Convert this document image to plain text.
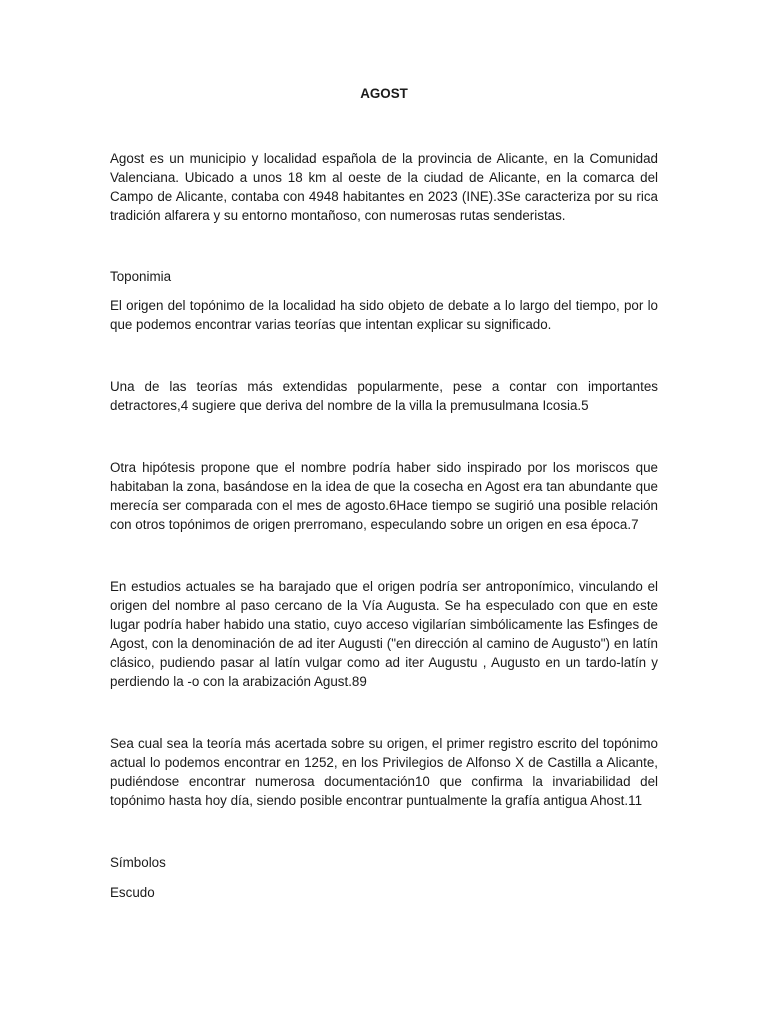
AGOST

Agost es un municipio y localidad española de la provincia de Alicante, en la Comunidad Valenciana. Ubicado a unos 18 km al oeste de la ciudad de Alicante, en la comarca del Campo de Alicante, contaba con 4948 habitantes en 2023 (INE).3Se caracteriza por su rica tradición alfarera y su entorno montañoso, con numerosas rutas senderistas.

Toponimia

El origen del topónimo de la localidad ha sido objeto de debate a lo largo del tiempo, por lo que podemos encontrar varias teorías que intentan explicar su significado.

Una de las teorías más extendidas popularmente, pese a contar con importantes detractores,4 sugiere que deriva del nombre de la villa la premusulmana Icosia.5

Otra hipótesis propone que el nombre podría haber sido inspirado por los moriscos que habitaban la zona, basándose en la idea de que la cosecha en Agost era tan abundante que merecía ser comparada con el mes de agosto.6Hace tiempo se sugirió una posible relación con otros topónimos de origen prerromano, especulando sobre un origen en esa época.7

En estudios actuales se ha barajado que el origen podría ser antroponímico, vinculando el origen del nombre al paso cercano de la Vía Augusta. Se ha especulado con que en este lugar podría haber habido una statio, cuyo acceso vigilarían simbólicamente las Esfinges de Agost, con la denominación de ad iter Augusti ("en dirección al camino de Augusto") en latín clásico, pudiendo pasar al latín vulgar como ad iter Augustu , Augusto en un tardo-latín y perdiendo la -o con la arabización Agust.89

Sea cual sea la teoría más acertada sobre su origen, el primer registro escrito del topónimo actual lo podemos encontrar en 1252, en los Privilegios de Alfonso X de Castilla a Alicante, pudiéndose encontrar numerosa documentación10 que confirma la invariabilidad del topónimo hasta hoy día, siendo posible encontrar puntualmente la grafía antigua Ahost.11

Símbolos

Escudo
